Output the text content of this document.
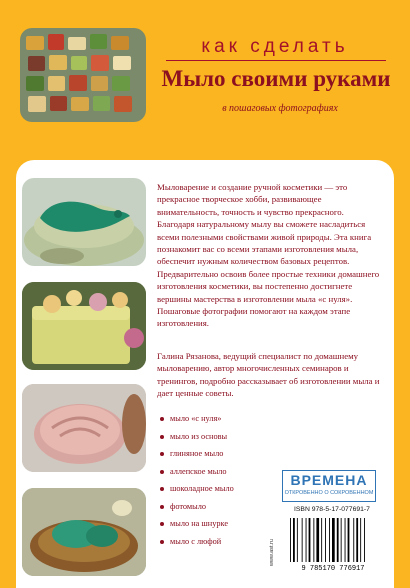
как сделать
Мыло своими руками
в пошаговых фотографиях
Мыловарение и создание ручной косметики — это прекрасное творческое хобби, развивающее внимательность, точность и чувство прекрасного. Благодаря натуральному мылу вы сможете насладиться всеми полезными свойствами живой природы. Эта книга познакомит вас со всеми этапами изготовления мыла, обеспечит нужным количеством базовых рецептов. Предварительно освоив более простые техники домашнего изготовления косметики, вы постепенно достигнете вершины мастерства в изготовлении мыла «с нуля». Пошаговые фотографии помогают на каждом этапе изготовления.
Галина Рязанова, ведущий специалист по домашнему мыловарению, автор многочисленных семинаров и тренингов, подробно рассказывает об изготовлении мыла и дает ценные советы.
мыло «с нуля»
мыло из основы
глиняное мыло
аллепское мыло
шоколадное мыло
фотомыло
мыло на шнурке
мыло с люфой
ВРЕМЕНА
ОТКРОВЕННО О СОКРОВЕННОМ
ISBN 978-5-17-077691-7
9 785170 776917
